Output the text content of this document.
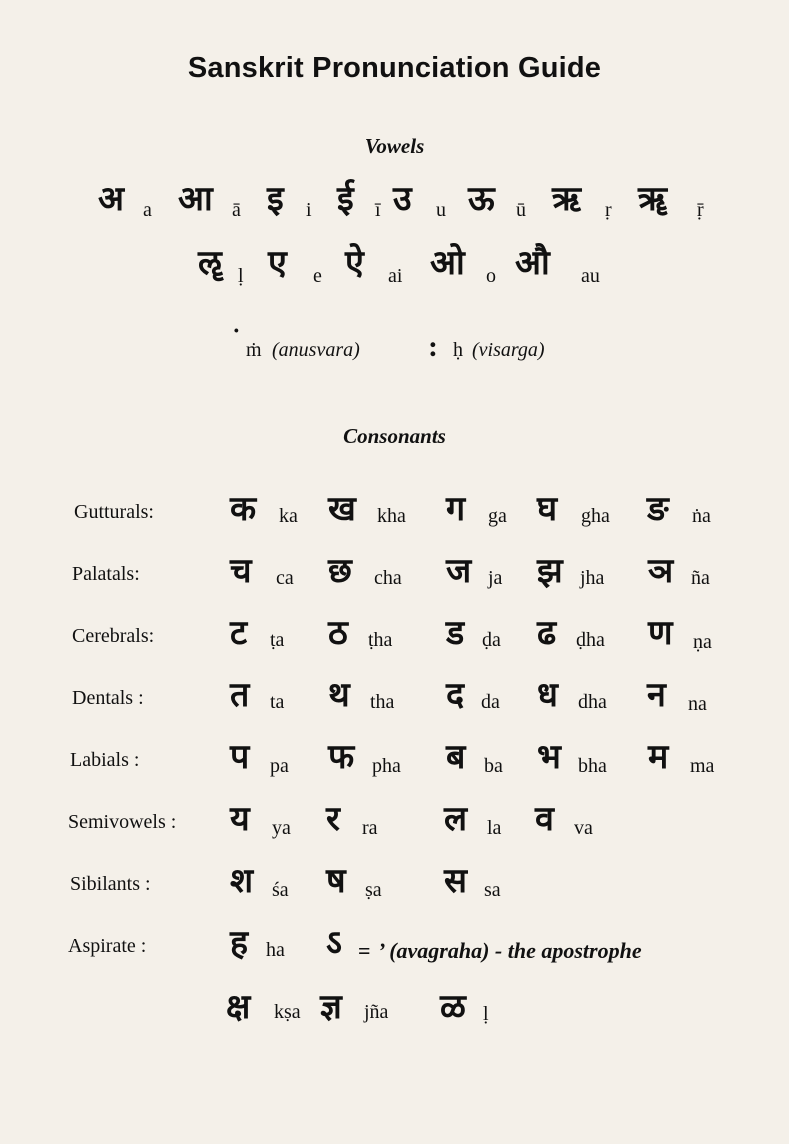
Sanskrit Pronunciation Guide
Vowels
अ a आ ā इ i ई ī उ u ऊ ū ऋ ṛ ॠ ṝ
ॡ ḷ ए e ऐ ai ओ o औ au
˙ ṁ (anusvara) : ḥ (visarga)
Consonants
Gutturals: क ka ख kha ग ga घ gha ङ ṅa
Palatals:	च ca छ cha ज ja झ jha ञ ña
Cerebrals: ट ṭa ठ ṭha ड ḍa ढ ḍha ण ṇa
Dentals :	त ta थ tha द da ध dha न na
Labials :	प pa फ pha ब ba भ bha म ma
Semivowels : य ya र ra ल la व va
Sibilants : श śa ष ṣa स sa
Aspirate : ह ha ऽ = ’ (avagraha) - the apostrophe
क्ष kṣa ज्ञ jña ळ ḷ
